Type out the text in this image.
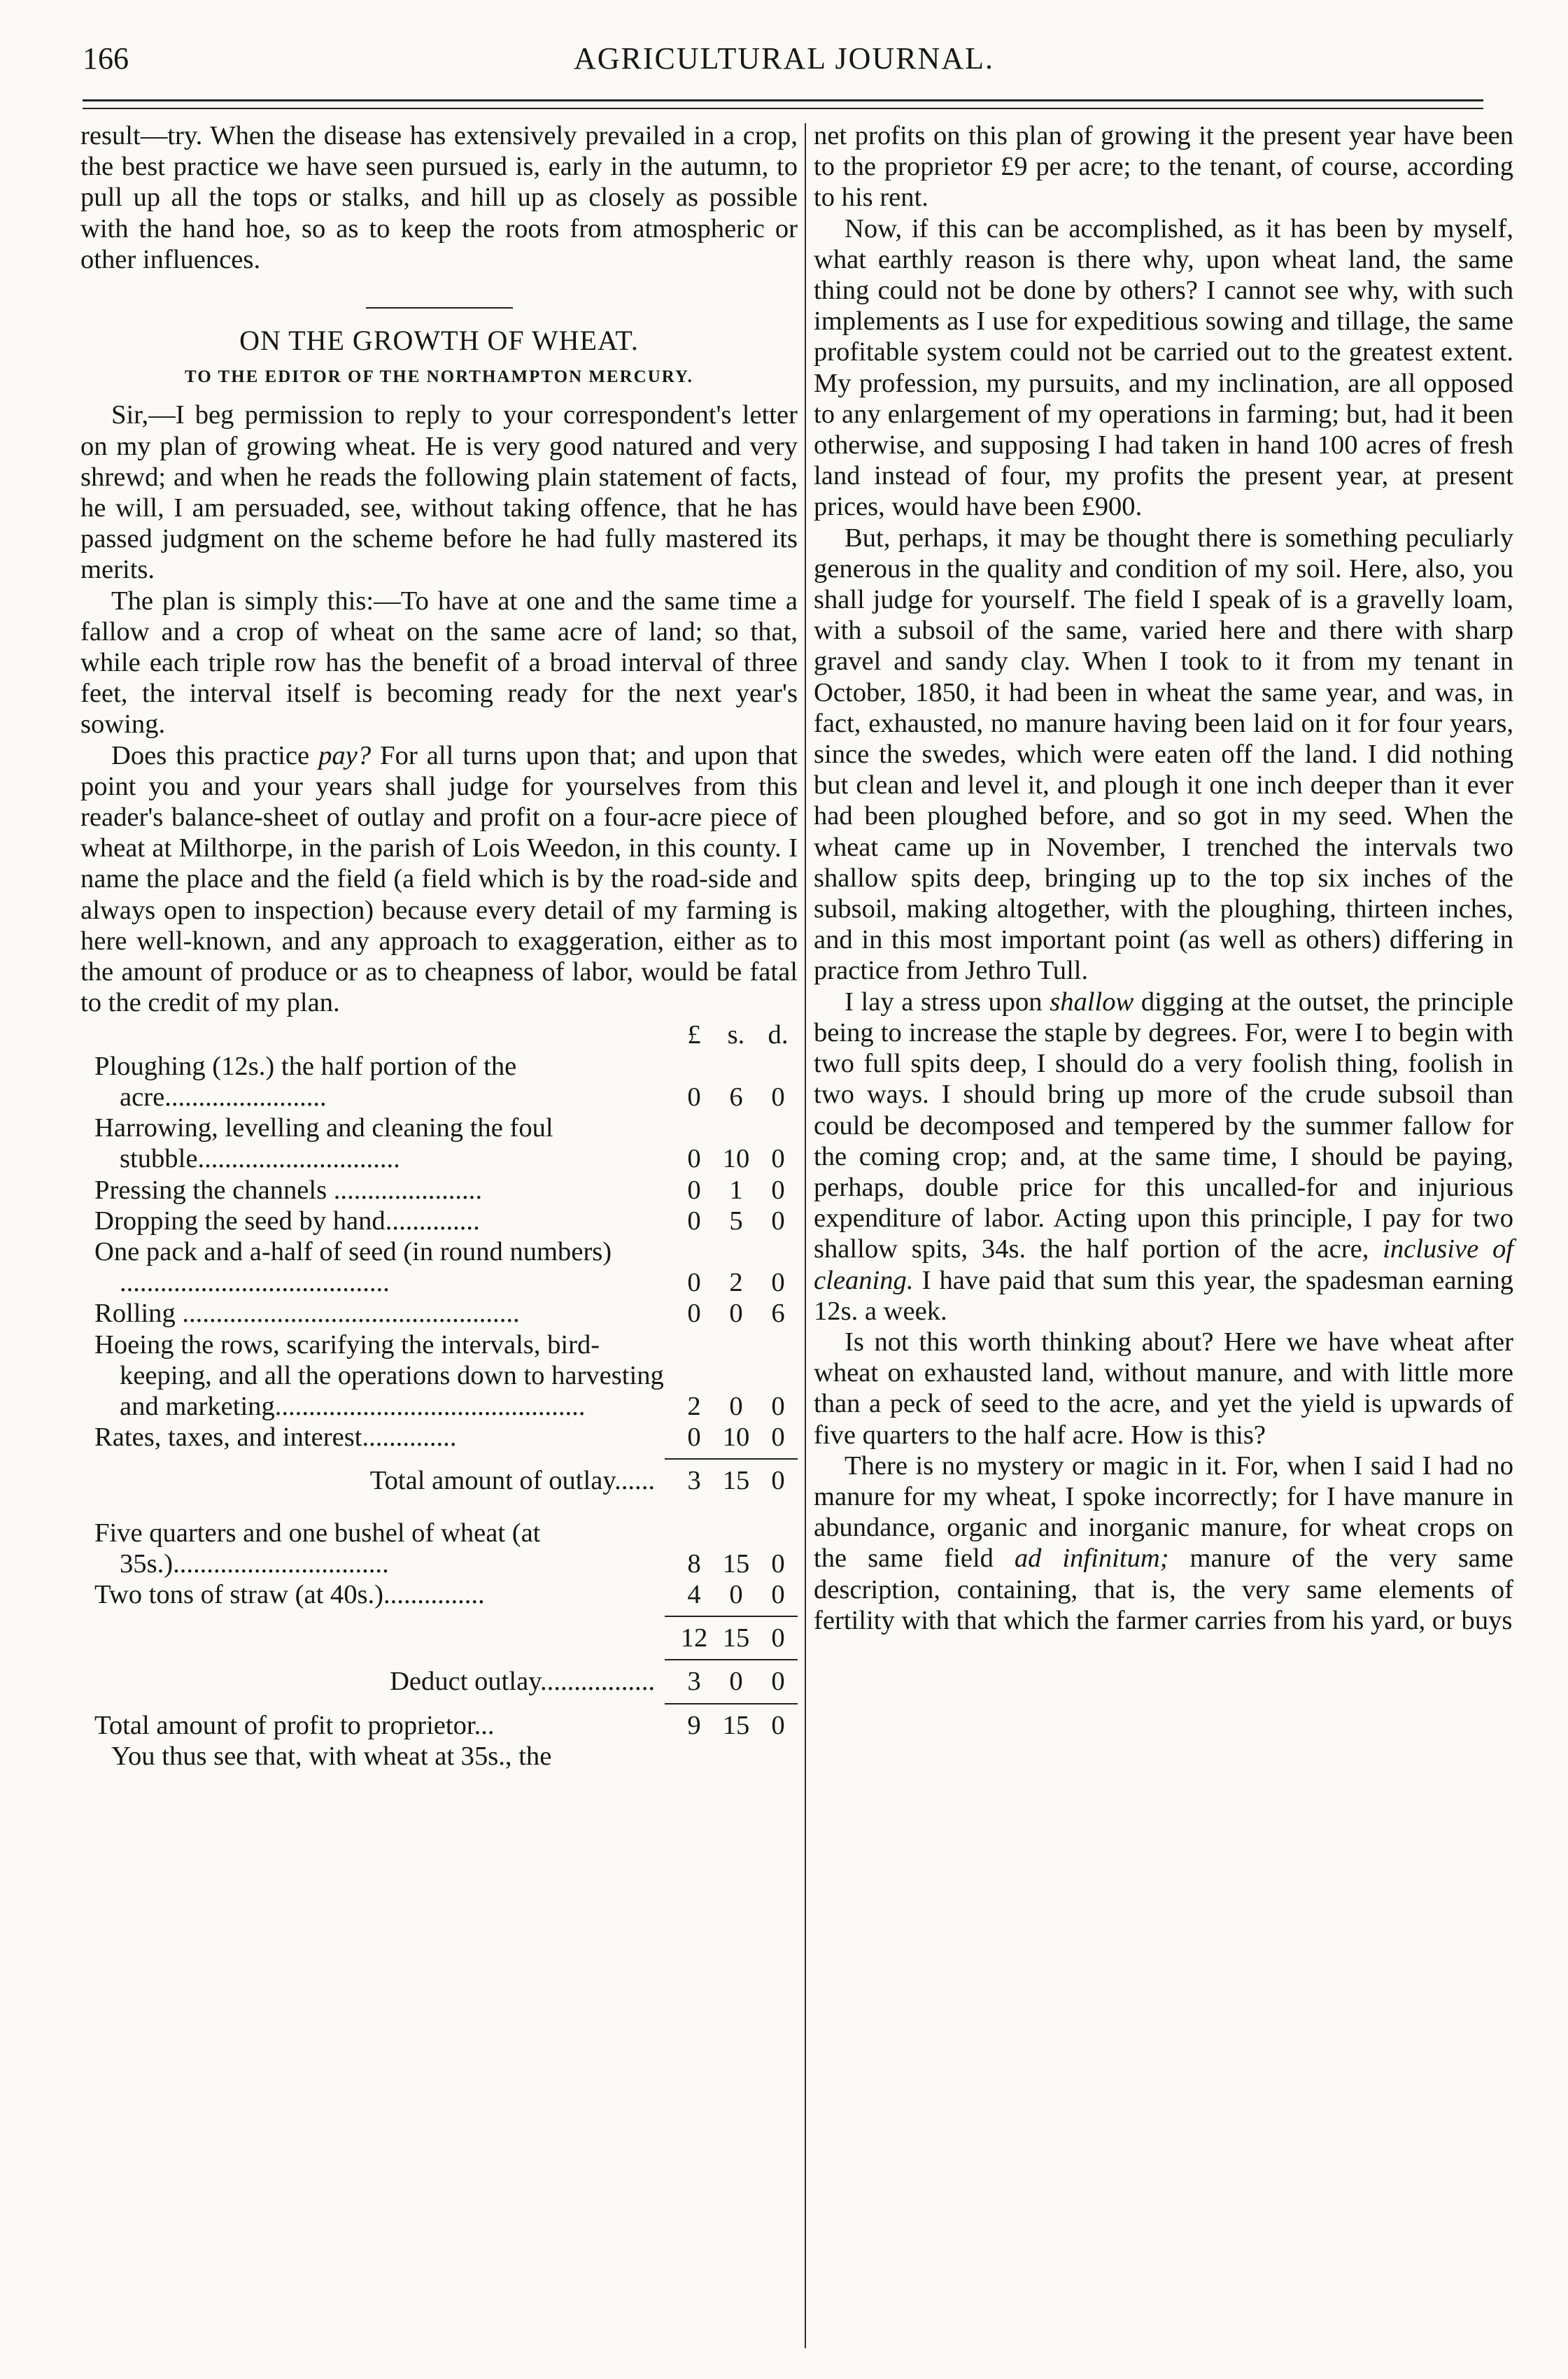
166	AGRICULTURAL JOURNAL.

result—try. When the disease has extensively prevailed in a crop, the best practice we have seen pursued is, early in the autumn, to pull up all the tops or stalks, and hill up as closely as possible with the hand hoe, so as to keep the roots from atmospheric or other influences.

ON THE GROWTH OF WHEAT.
TO THE EDITOR OF THE NORTHAMPTON MERCURY.

Sir,—I beg permission to reply to your correspondent's letter on my plan of growing wheat. He is very good natured and very shrewd; and when he reads the following plain statement of facts, he will, I am persuaded, see, without taking offence, that he has passed judgment on the scheme before he had fully mastered its merits.

The plan is simply this:—To have at one and the same time a fallow and a crop of wheat on the same acre of land; so that, while each triple row has the benefit of a broad interval of three feet, the interval itself is becoming ready for the next year's sowing.

Does this practice pay? For all turns upon that; and upon that point you and your years shall judge for yourselves from this reader's balance-sheet of outlay and profit on a four-acre piece of wheat at Milthorpe, in the parish of Lois Weedon, in this county. I name the place and the field (a field which is by the road-side and always open to inspection) because every detail of my farming is here well-known, and any approach to exaggeration, either as to the amount of produce or as to cheapness of labor, would be fatal to the credit of my plan.

£ s. d.
Ploughing (12s.) the half portion of the acre........................	0	6	0
Harrowing, levelling and cleaning the foul stubble..............................	0 10 0
Pressing the channels ......................	0	1	0
Dropping the seed by hand..............	0	5	0
One pack and a-half of seed (in round numbers) ........................................	0	2	0
Rolling ..................................................	0	0	6
Hoeing the rows, scarifying the intervals, bird-keeping, and all the operations down to harvesting and marketing..............................................	2	0	0
Rates, taxes, and interest..............	0 10 0
Total amount of outlay......	3 15 0
Five quarters and one bushel of wheat (at 35s.)................................	8 15 0
Two tons of straw (at 40s.)...............	4	0	0
12 15 0
Deduct outlay.................	3	0	0
Total amount of profit to proprietor...	9 15 0

You thus see that, with wheat at 35s., the

net profits on this plan of growing it the present year have been to the proprietor £9 per acre; to the tenant, of course, according to his rent.

Now, if this can be accomplished, as it has been by myself, what earthly reason is there why, upon wheat land, the same thing could not be done by others? I cannot see why, with such implements as I use for expeditious sowing and tillage, the same profitable system could not be carried out to the greatest extent. My profession, my pursuits, and my inclination, are all opposed to any enlargement of my operations in farming; but, had it been otherwise, and supposing I had taken in hand 100 acres of fresh land instead of four, my profits the present year, at present prices, would have been £900.

But, perhaps, it may be thought there is something peculiarly generous in the quality and condition of my soil. Here, also, you shall judge for yourself. The field I speak of is a gravelly loam, with a subsoil of the same, varied here and there with sharp gravel and sandy clay. When I took to it from my tenant in October, 1850, it had been in wheat the same year, and was, in fact, exhausted, no manure having been laid on it for four years, since the swedes, which were eaten off the land. I did nothing but clean and level it, and plough it one inch deeper than it ever had been ploughed before, and so got in my seed. When the wheat came up in November, I trenched the intervals two shallow spits deep, bringing up to the top six inches of the subsoil, making altogether, with the ploughing, thirteen inches, and in this most important point (as well as others) differing in practice from Jethro Tull.

I lay a stress upon shallow digging at the outset, the principle being to increase the staple by degrees. For, were I to begin with two full spits deep, I should do a very foolish thing, foolish in two ways. I should bring up more of the crude subsoil than could be decomposed and tempered by the summer fallow for the coming crop; and, at the same time, I should be paying, perhaps, double price for this uncalled-for and injurious expenditure of labor. Acting upon this principle, I pay for two shallow spits, 34s. the half portion of the acre, inclusive of cleaning. I have paid that sum this year, the spadesman earning 12s. a week.

Is not this worth thinking about? Here we have wheat after wheat on exhausted land, without manure, and with little more than a peck of seed to the acre, and yet the yield is upwards of five quarters to the half acre. How is this?

There is no mystery or magic in it. For, when I said I had no manure for my wheat, I spoke incorrectly; for I have manure in abundance, organic and inorganic manure, for wheat crops on the same field ad infinitum; manure of the very same description, containing, that is, the very same elements of fertility with that which the farmer carries from his yard, or buys
